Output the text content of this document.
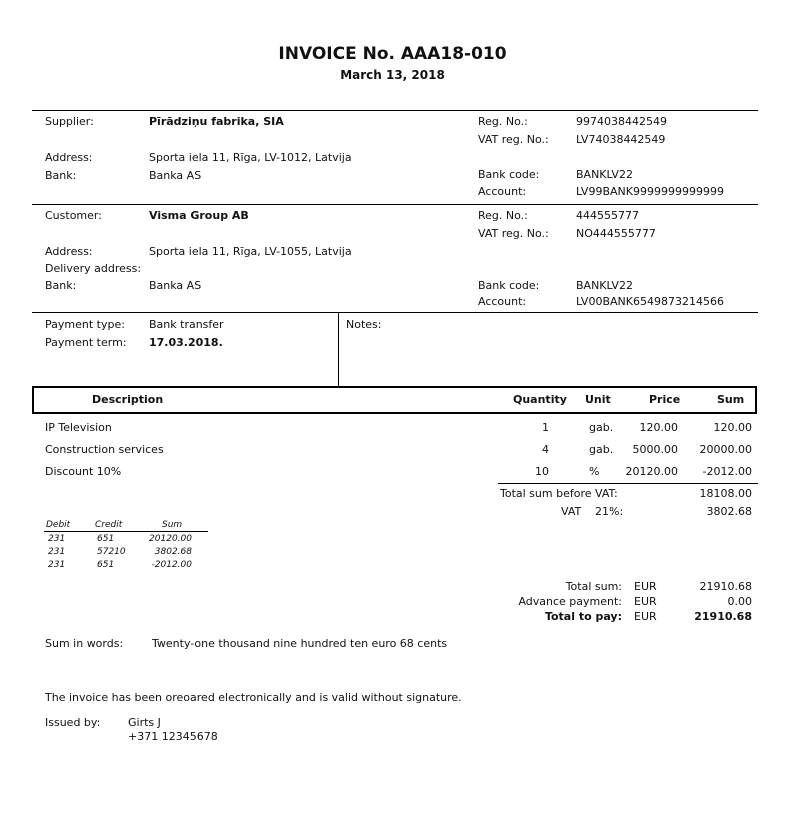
INVOICE No. AAA18-010
March 13, 2018
Supplier:	Pīrādziņu fabrika, SIA
Address:	Sporta iela 11, Rīga, LV-1012, Latvija
Bank:	Banka AS
Reg. No.:	9974038442549
VAT reg. No.: LV74038442549
Bank code:	BANKLV22
Account:	LV99BANK9999999999999
Customer:	Visma Group AB
Address:	Sporta iela 11, Rīga, LV-1055, Latvija
Delivery address:
Bank:	Banka AS
Reg. No.:	444555777
VAT reg. No.: NO444555777
Bank code:	BANKLV22
Account:	LV00BANK6549873214566
Payment type: Bank transfer
Payment term: 17.03.2018.
Notes:
Description	Quantity Unit	Price	Sum
IP Television	1	gab.	120.00	120.00
Construction services	4	gab.	5000.00	20000.00
Discount 10%	10	%	20120.00	-2012.00
Total sum before VAT:	18108.00
VAT 21%:	3802.68
Debit	Credit	Sum
231	651	20120.00
231	57210	3802.68
231	651	-2012.00
Total sum: EUR	21910.68
Advance payment: EUR	0.00
Total to pay: EUR	21910.68
Sum in words:	Twenty-one thousand nine hundred ten euro 68 cents
The invoice has been oreoared electronically and is valid without signature.
Issued by:	Girts J
+371 12345678
